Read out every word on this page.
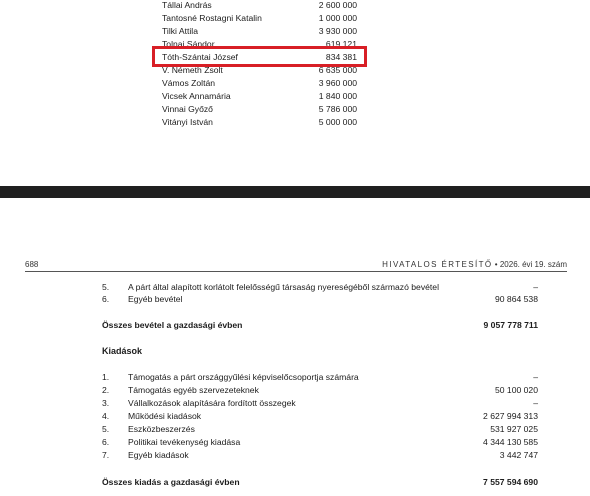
Tállai András	2 600 000
Tantosné Rostagni Katalin	1 000 000
Tilki Attila	3 930 000
Tolnai Sándor	619 121
Tóth-Szántai József	834 381
V. Németh Zsolt	6 635 000
Vámos Zoltán	3 960 000
Vicsek Annamária	1 840 000
Vinnai Győző	5 786 000
Vitányi István	5 000 000
688	HIVATALOS ÉRTESÍTŐ • 2026. évi 19. szám
5. A párt által alapított korlátolt felelősségű társaság nyereségéből származó bevétel	–
6. Egyéb bevétel	90 864 538
Összes bevétel a gazdasági évben	9 057 778 711
Kiadások
1. Támogatás a párt országgyűlési képviselőcsoportja számára	–
2. Támogatás egyéb szervezeteknek	50 100 020
3. Vállalkozások alapítására fordított összegek	–
4. Működési kiadások	2 627 994 313
5. Eszközbeszerzés	531 927 025
6. Politikai tevékenység kiadása	4 344 130 585
7. Egyéb kiadások	3 442 747
Összes kiadás a gazdasági évben	7 557 594 690
